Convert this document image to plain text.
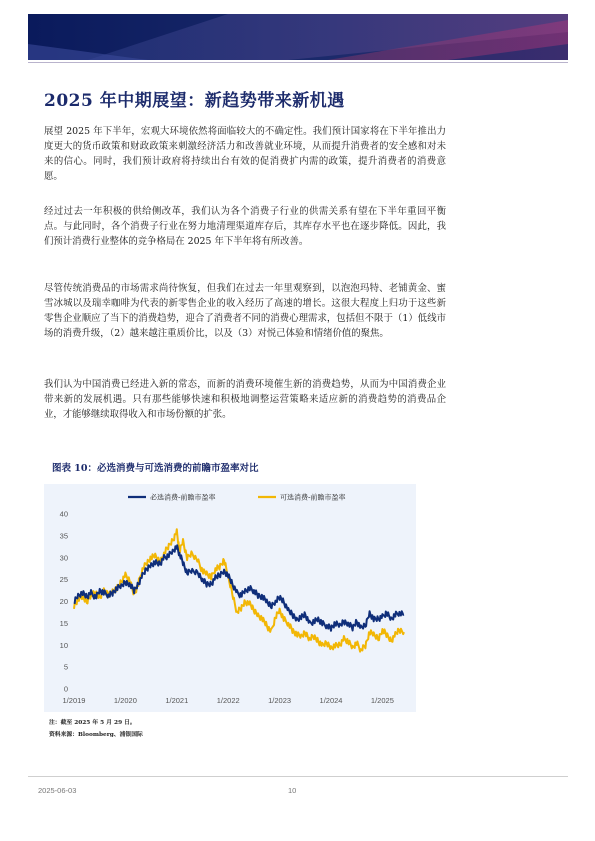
2025 年中期展望：新趋势带来新机遇

展望 2025 年下半年，宏观大环境依然将面临较大的不确定性。我们预计国家将在下半年推出力度更大的货币政策和财政政策来刺激经济活力和改善就业环境，从而提升消费者的安全感和对未来的信心。同时，我们预计政府将持续出台有效的促消费扩内需的政策，提升消费者的消费意愿。

经过过去一年积极的供给侧改革，我们认为各个消费子行业的供需关系有望在下半年重回平衡点。与此同时，各个消费子行业在努力地清理渠道库存后，其库存水平也在逐步降低。因此，我们预计消费行业整体的竞争格局在 2025 年下半年将有所改善。

尽管传统消费品的市场需求尚待恢复，但我们在过去一年里观察到，以泡泡玛特、老铺黄金、蜜雪冰城以及瑞幸咖啡为代表的新零售企业的收入经历了高速的增长。这很大程度上归功于这些新零售企业顺应了当下的消费趋势，迎合了消费者不同的消费心理需求，包括但不限于（1）低线市场的消费升级，（2）越来越注重质价比，以及（3）对悦己体验和情绪价值的聚焦。

我们认为中国消费已经进入新的常态，而新的消费环境催生新的消费趋势，从而为中国消费企业带来新的发展机遇。只有那些能够快速和积极地调整运营策略来适应新的消费趋势的消费品企业，才能够继续取得收入和市场份额的扩张。

图表 10：必选消费与可选消费的前瞻市盈率对比
必选消费-前瞻市盈率	可选消费-前瞻市盈率
0
5
10
15
20
25
30
35
40
1/2019	1/2020	1/2021	1/2022	1/2023	1/2024	1/2025
注：截至 2025 年 5 月 29 日。
资料来源：Bloomberg、浦银国际
2025-06-03	10
